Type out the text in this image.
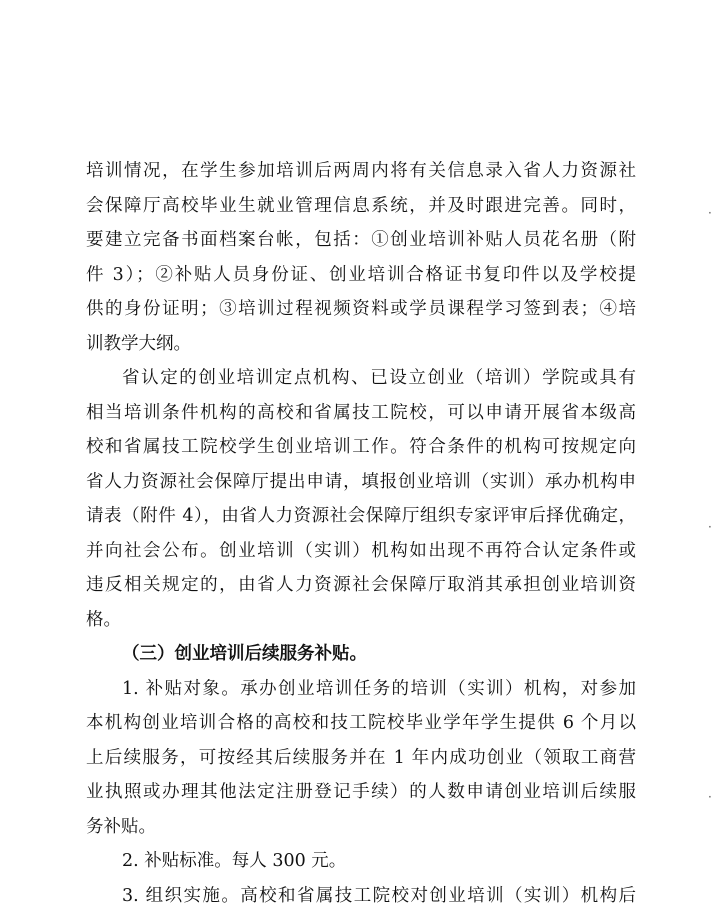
培训情况，在学生参加培训后两周内将有关信息录入省人力资源社
会保障厅高校毕业生就业管理信息系统，并及时跟进完善。同时，
要建立完备书面档案台帐，包括：①创业培训补贴人员花名册（附
件 3）；②补贴人员身份证、创业培训合格证书复印件以及学校提
供的身份证明；③培训过程视频资料或学员课程学习签到表；④培
训教学大纲。
省认定的创业培训定点机构、已设立创业（培训）学院或具有
相当培训条件机构的高校和省属技工院校，可以申请开展省本级高
校和省属技工院校学生创业培训工作。符合条件的机构可按规定向
省人力资源社会保障厅提出申请，填报创业培训（实训）承办机构申
请表（附件 4），由省人力资源社会保障厅组织专家评审后择优确定，
并向社会公布。创业培训（实训）机构如出现不再符合认定条件或
违反相关规定的，由省人力资源社会保障厅取消其承担创业培训资
格。
（三）创业培训后续服务补贴。
1. 补贴对象。承办创业培训任务的培训（实训）机构，对参加
本机构创业培训合格的高校和技工院校毕业学年学生提供 6 个月以
上后续服务，可按经其后续服务并在 1 年内成功创业（领取工商营
业执照或办理其他法定注册登记手续）的人数申请创业培训后续服
务补贴。
2. 补贴标准。每人 300 元。
3. 组织实施。高校和省属技工院校对创业培训（实训）机构后
·
·
·
